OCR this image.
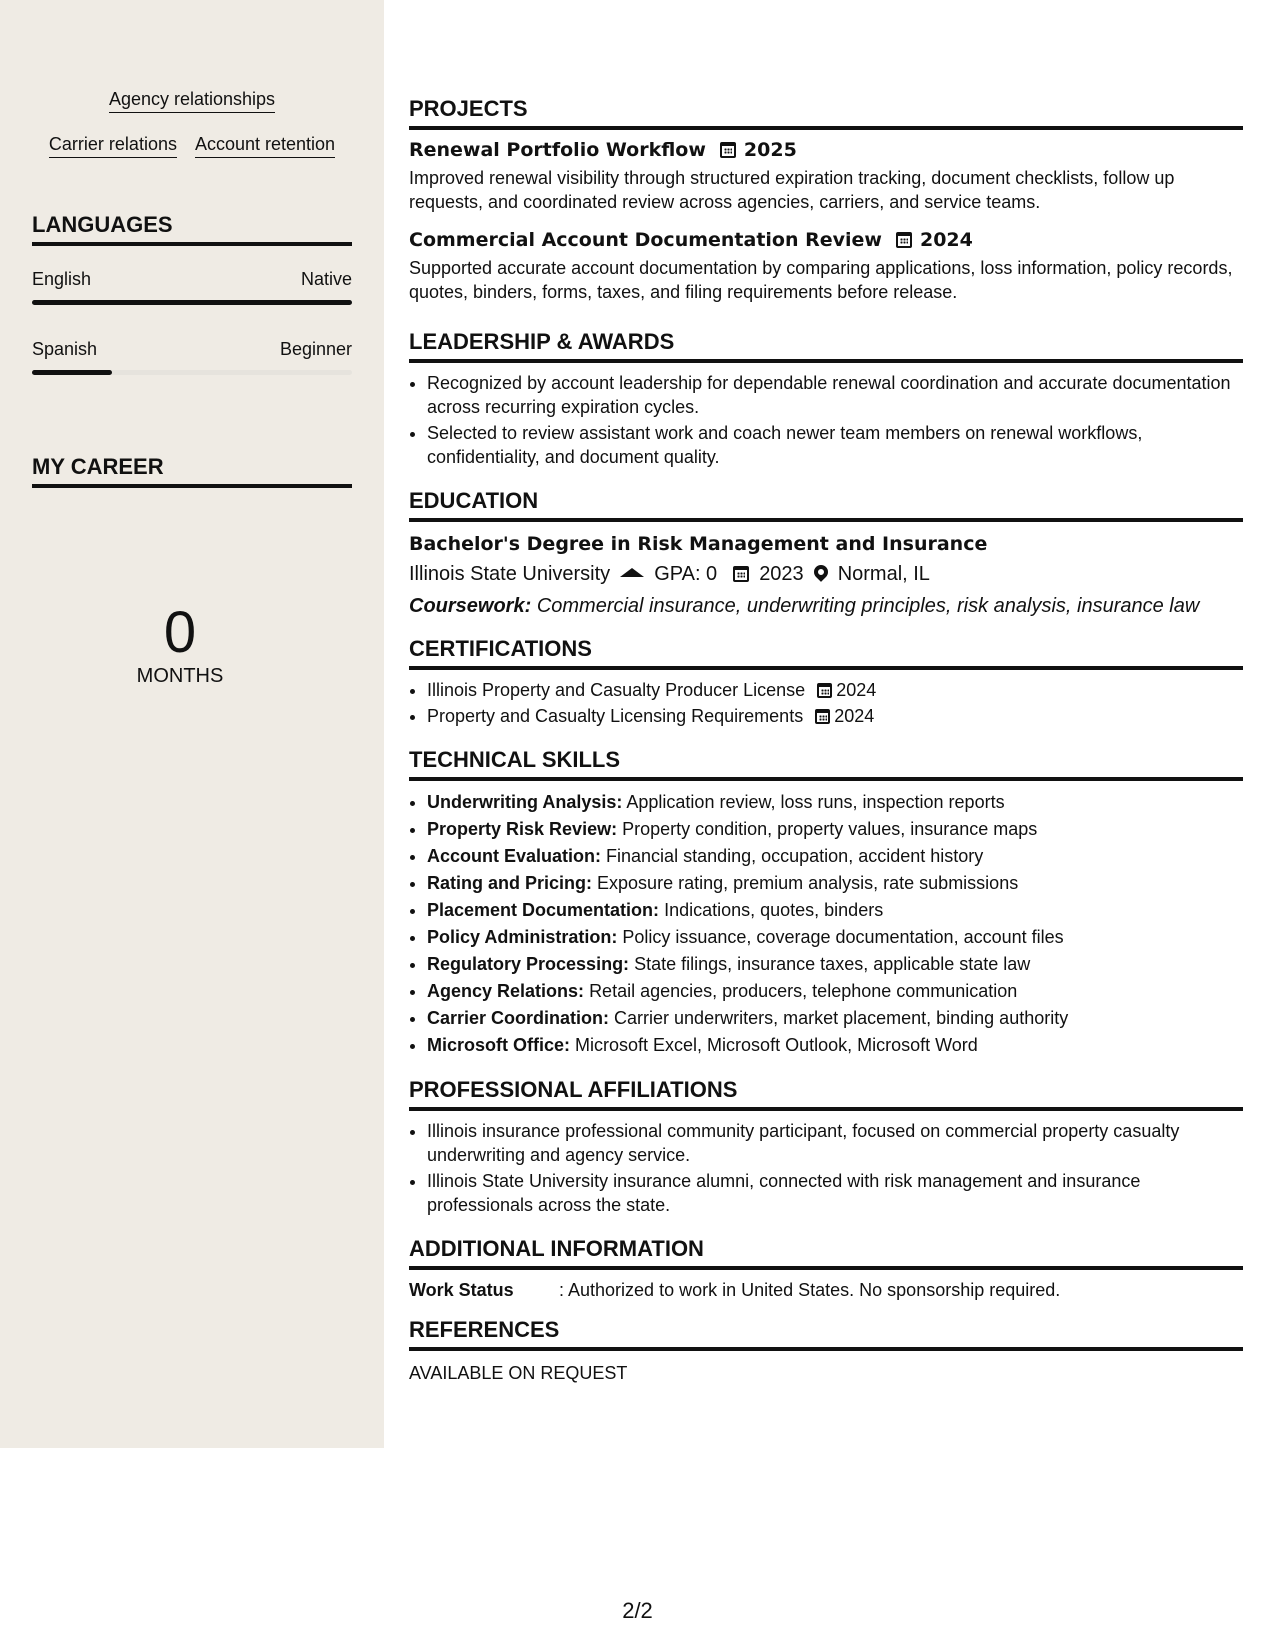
Agency relationships
Carrier relations Account retention
LANGUAGES
English	Native
Spanish	Beginner
MY CAREER
0
MONTHS
PROJECTS
Renewal Portfolio Workflow 2025
Improved renewal visibility through structured expiration tracking, document checklists, follow up requests, and coordinated review across agencies, carriers, and service teams.
Commercial Account Documentation Review 2024
Supported accurate account documentation by comparing applications, loss information, policy records, quotes, binders, forms, taxes, and filing requirements before release.
LEADERSHIP & AWARDS
• Recognized by account leadership for dependable renewal coordination and accurate documentation across recurring expiration cycles.
• Selected to review assistant work and coach newer team members on renewal workflows, confidentiality, and document quality.
EDUCATION
Bachelor's Degree in Risk Management and Insurance
Illinois State University GPA: 0 2023 Normal, IL
Coursework: Commercial insurance, underwriting principles, risk analysis, insurance law
CERTIFICATIONS
• Illinois Property and Casualty Producer License 2024
• Property and Casualty Licensing Requirements 2024
TECHNICAL SKILLS
• Underwriting Analysis: Application review, loss runs, inspection reports
• Property Risk Review: Property condition, property values, insurance maps
• Account Evaluation: Financial standing, occupation, accident history
• Rating and Pricing: Exposure rating, premium analysis, rate submissions
• Placement Documentation: Indications, quotes, binders
• Policy Administration: Policy issuance, coverage documentation, account files
• Regulatory Processing: State filings, insurance taxes, applicable state law
• Agency Relations: Retail agencies, producers, telephone communication
• Carrier Coordination: Carrier underwriters, market placement, binding authority
• Microsoft Office: Microsoft Excel, Microsoft Outlook, Microsoft Word
PROFESSIONAL AFFILIATIONS
• Illinois insurance professional community participant, focused on commercial property casualty underwriting and agency service.
• Illinois State University insurance alumni, connected with risk management and insurance professionals across the state.
ADDITIONAL INFORMATION
Work Status	: Authorized to work in United States. No sponsorship required.
REFERENCES
AVAILABLE ON REQUEST
2/2
